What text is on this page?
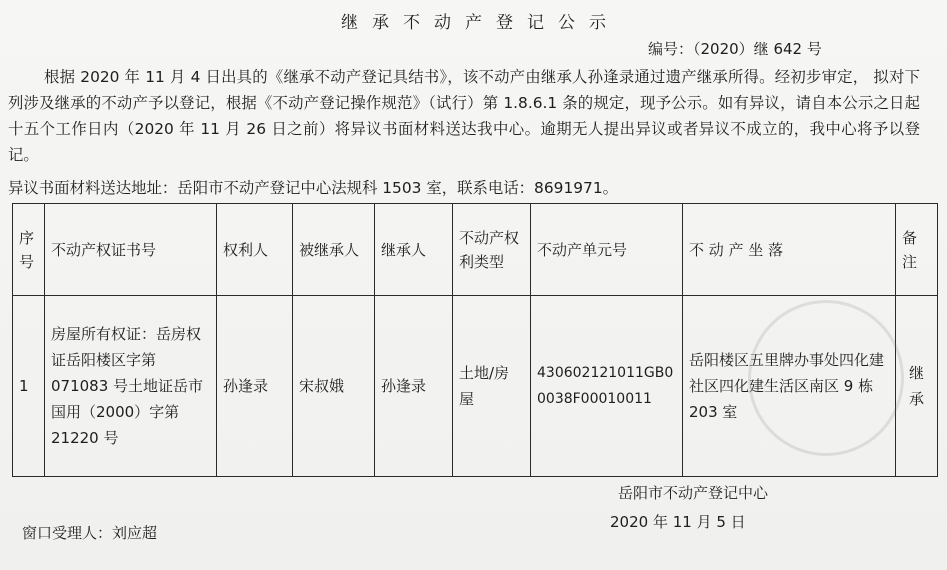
继承不动产登记公示
编号：（2020）继 642 号
根据 2020 年 11 月 4 日出具的《继承不动产登记具结书》，该不动产由继承人孙逢录通过遗产继承所得。经初步审定， 拟对下列涉及继承的不动产予以登记，根据《不动产登记操作规范》（试行）第 1.8.6.1 条的规定，现予公示。如有异议，请自本公示之日起十五个工作日内（2020 年 11 月 26 日之前）将异议书面材料送达我中心。逾期无人提出异议或者异议不成立的，我中心将予以登记。
异议书面材料送达地址：岳阳市不动产登记中心法规科 1503 室，联系电话：8691971。
序号	不动产权证书号	权利人	被继承人	继承人	不动产权利类型	不动产单元号	不 动 产 坐 落	备注
1	房屋所有权证：岳房权证岳阳楼区字第 071083 号土地证岳市国用（2000）字第 21220 号	孙逢录	宋叔娥	孙逢录	土地/房屋	430602121011GB00038F00010011	岳阳楼区五里牌办事处四化建社区四化建生活区南区 9 栋 203 室	继承
岳阳市不动产登记中心
2020 年 11 月 5 日
窗口受理人：刘应超
